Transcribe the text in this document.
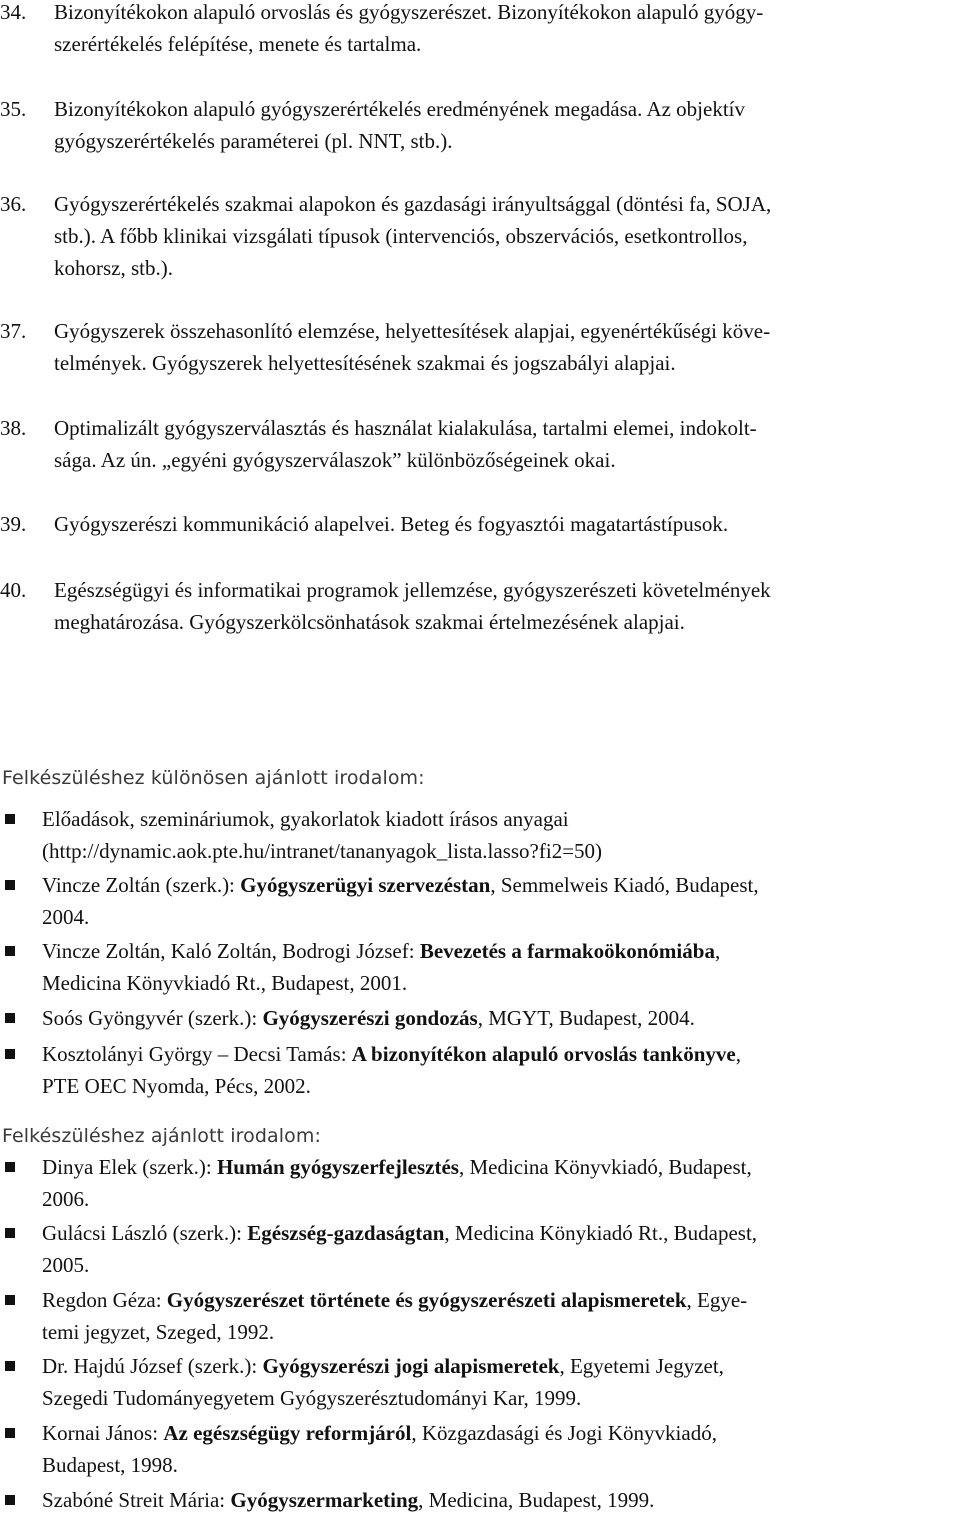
34. Bizonyítékokon alapuló orvoslás és gyógyszerészet. Bizonyítékokon alapuló gyógy-
szerértékelés felépítése, menete és tartalma.
35. Bizonyítékokon alapuló gyógyszerértékelés eredményének megadása. Az objektív
gyógyszerértékelés paraméterei (pl. NNT, stb.).
36. Gyógyszerértékelés szakmai alapokon és gazdasági irányultsággal (döntési fa, SOJA,
stb.). A főbb klinikai vizsgálati típusok (intervenciós, obszervációs, esetkontrollos,
kohorsz, stb.).
37. Gyógyszerek összehasonlító elemzése, helyettesítések alapjai, egyenértékűségi köve-
telmények. Gyógyszerek helyettesítésének szakmai és jogszabályi alapjai.
38. Optimalizált gyógyszerválasztás és használat kialakulása, tartalmi elemei, indokolt-
sága. Az ún. „egyéni gyógyszerválaszok” különbözőségeinek okai.
39. Gyógyszerészi kommunikáció alapelvei. Beteg és fogyasztói magatartástípusok.
40. Egészségügyi és informatikai programok jellemzése, gyógyszerészeti követelmények
meghatározása. Gyógyszerkölcsönhatások szakmai értelmezésének alapjai.
Felkészüléshez különösen ajánlott irodalom:
Előadások, szemináriumok, gyakorlatok kiadott írásos anyagai
(http://dynamic.aok.pte.hu/intranet/tananyagok_lista.lasso?fi2=50)
Vincze Zoltán (szerk.): Gyógyszerügyi szervezéstan, Semmelweis Kiadó, Budapest,
2004.
Vincze Zoltán, Kaló Zoltán, Bodrogi József: Bevezetés a farmakoökonómiába,
Medicina Könyvkiadó Rt., Budapest, 2001.
Soós Gyöngyvér (szerk.): Gyógyszerészi gondozás, MGYT, Budapest, 2004.
Kosztolányi György – Decsi Tamás: A bizonyítékon alapuló orvoslás tankönyve,
PTE OEC Nyomda, Pécs, 2002.
Felkészüléshez ajánlott irodalom:
Dinya Elek (szerk.): Humán gyógyszerfejlesztés, Medicina Könyvkiadó, Budapest,
2006.
Gulácsi László (szerk.): Egészség-gazdaságtan, Medicina Könykiadó Rt., Budapest,
2005.
Regdon Géza: Gyógyszerészet története és gyógyszerészeti alapismeretek, Egye-
temi jegyzet, Szeged, 1992.
Dr. Hajdú József (szerk.): Gyógyszerészi jogi alapismeretek, Egyetemi Jegyzet,
Szegedi Tudományegyetem Gyógyszerésztudományi Kar, 1999.
Kornai János: Az egészségügy reformjáról, Közgazdasági és Jogi Könyvkiadó,
Budapest, 1998.
Szabóné Streit Mária: Gyógyszermarketing, Medicina, Budapest, 1999.
